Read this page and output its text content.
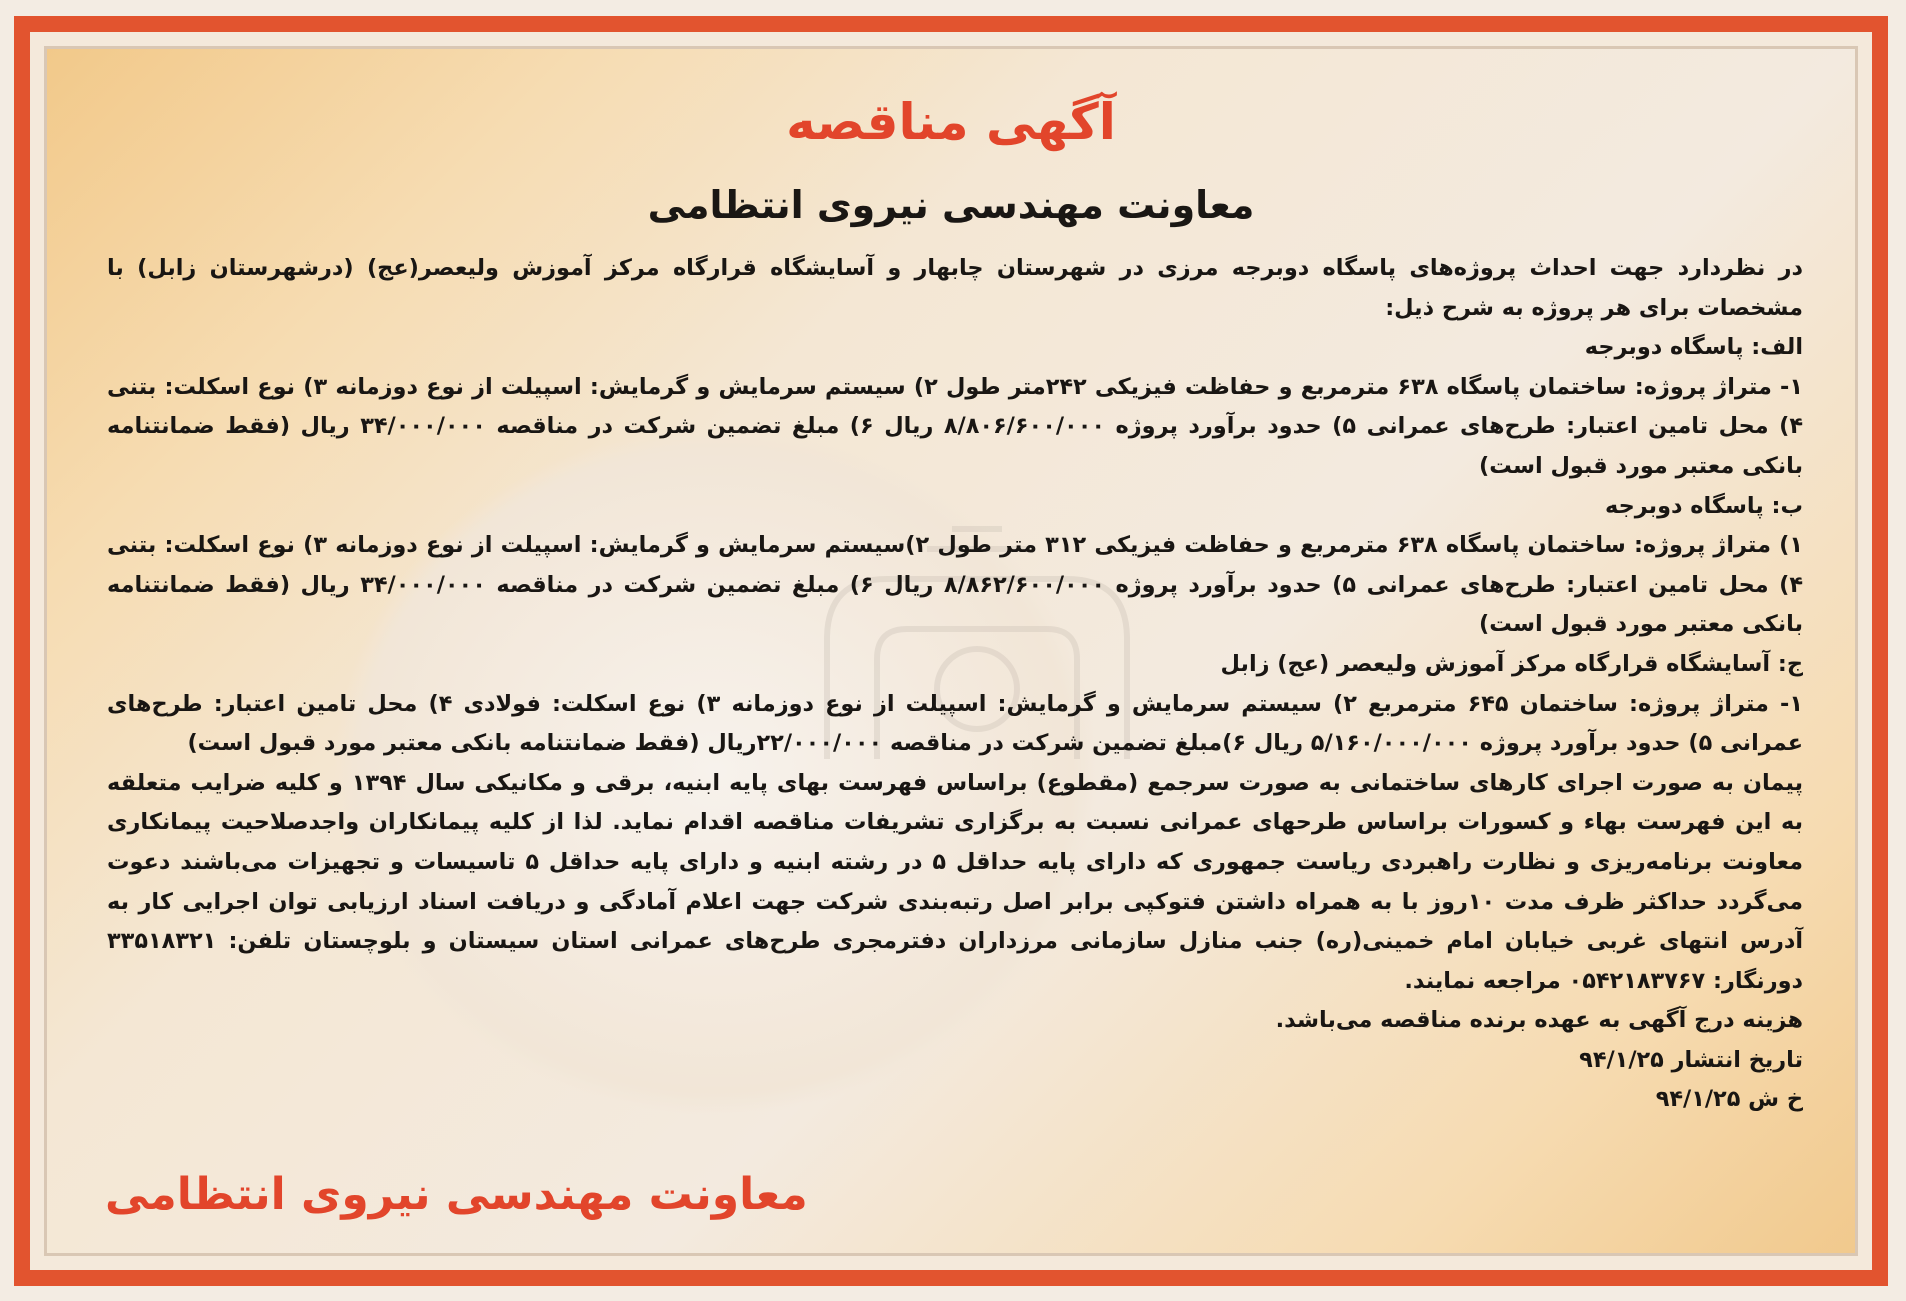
آگهی مناقصه
معاونت مهندسی نیروی انتظامی

در نظردارد جهت احداث پروژه‌های پاسگاه دوبرجه مرزی در شهرستان چابهار و آسایشگاه قرارگاه مرکز آموزش ولیعصر(عج) (درشهرستان زابل) با مشخصات برای هر پروژه به شرح ذیل:

الف: پاسگاه دوبرجه

۱- متراژ پروژه: ساختمان پاسگاه ۶۳۸ مترمربع و حفاظت فیزیکی ۲۴۲متر طول ۲) سیستم سرمایش و گرمایش: اسپیلت از نوع دوزمانه ۳) نوع اسکلت: بتنی ۴) محل تامین اعتبار: طرح‌های عمرانی ۵) حدود برآورد پروژه ۸/۸۰۶/۶۰۰/۰۰۰ ریال ۶) مبلغ تضمین شرکت در مناقصه ۳۴/۰۰۰/۰۰۰ ریال (فقط ضمانتنامه بانکی معتبر مورد قبول است)

ب: پاسگاه دوبرجه

۱) متراژ پروژه: ساختمان پاسگاه ۶۳۸ مترمربع و حفاظت فیزیکی ۳۱۲ متر طول ۲)سیستم سرمایش و گرمایش: اسپیلت از نوع دوزمانه ۳) نوع اسکلت: بتنی ۴) محل تامین اعتبار: طرح‌های عمرانی ۵) حدود برآورد پروژه ۸/۸۶۲/۶۰۰/۰۰۰ ریال ۶) مبلغ تضمین شرکت در مناقصه ۳۴/۰۰۰/۰۰۰ ریال (فقط ضمانتنامه بانکی معتبر مورد قبول است)

ج: آسایشگاه قرارگاه مرکز آموزش ولیعصر (عج) زابل

۱- متراژ پروژه: ساختمان ۶۴۵ مترمربع ۲) سیستم سرمایش و گرمایش: اسپیلت از نوع دوزمانه ۳) نوع اسکلت: فولادی ۴) محل تامین اعتبار: طرح‌های عمرانی ۵) حدود برآورد پروژه ۵/۱۶۰/۰۰۰/۰۰۰ ریال ۶)مبلغ تضمین شرکت در مناقصه ۲۲/۰۰۰/۰۰۰ریال (فقط ضمانتنامه بانکی معتبر مورد قبول است)

پیمان به صورت اجرای کارهای ساختمانی به صورت سرجمع (مقطوع) براساس فهرست بهای پایه ابنیه، برقی و مکانیکی سال ۱۳۹۴ و کلیه ضرایب متعلقه به این فهرست بهاء و کسورات براساس طرحهای عمرانی نسبت به برگزاری تشریفات مناقصه اقدام نماید. لذا از کلیه پیمانکاران واجدصلاحیت پیمانکاری معاونت برنامه‌ریزی و نظارت راهبردی ریاست جمهوری که دارای پایه حداقل ۵ در رشته ابنیه و دارای پایه حداقل ۵ تاسیسات و تجهیزات می‌باشند دعوت می‌گردد حداکثر ظرف مدت ۱۰روز با به همراه داشتن فتوکپی برابر اصل رتبه‌بندی شرکت جهت اعلام آمادگی و دریافت اسناد ارزیابی توان اجرایی کار به آدرس انتهای غربی خیابان امام خمینی(ره) جنب منازل سازمانی مرزداران دفترمجری طرح‌های عمرانی استان سیستان و بلوچستان تلفن: ۳۳۵۱۸۳۲۱ دورنگار: ۰۵۴۲۱۸۳۷۶۷ مراجعه نمایند.

هزینه درج آگهی به عهده برنده مناقصه می‌باشد.

تاریخ انتشار ۹۴/۱/۲۵

خ ش ۹۴/۱/۲۵

معاونت مهندسی نیروی انتظامی
